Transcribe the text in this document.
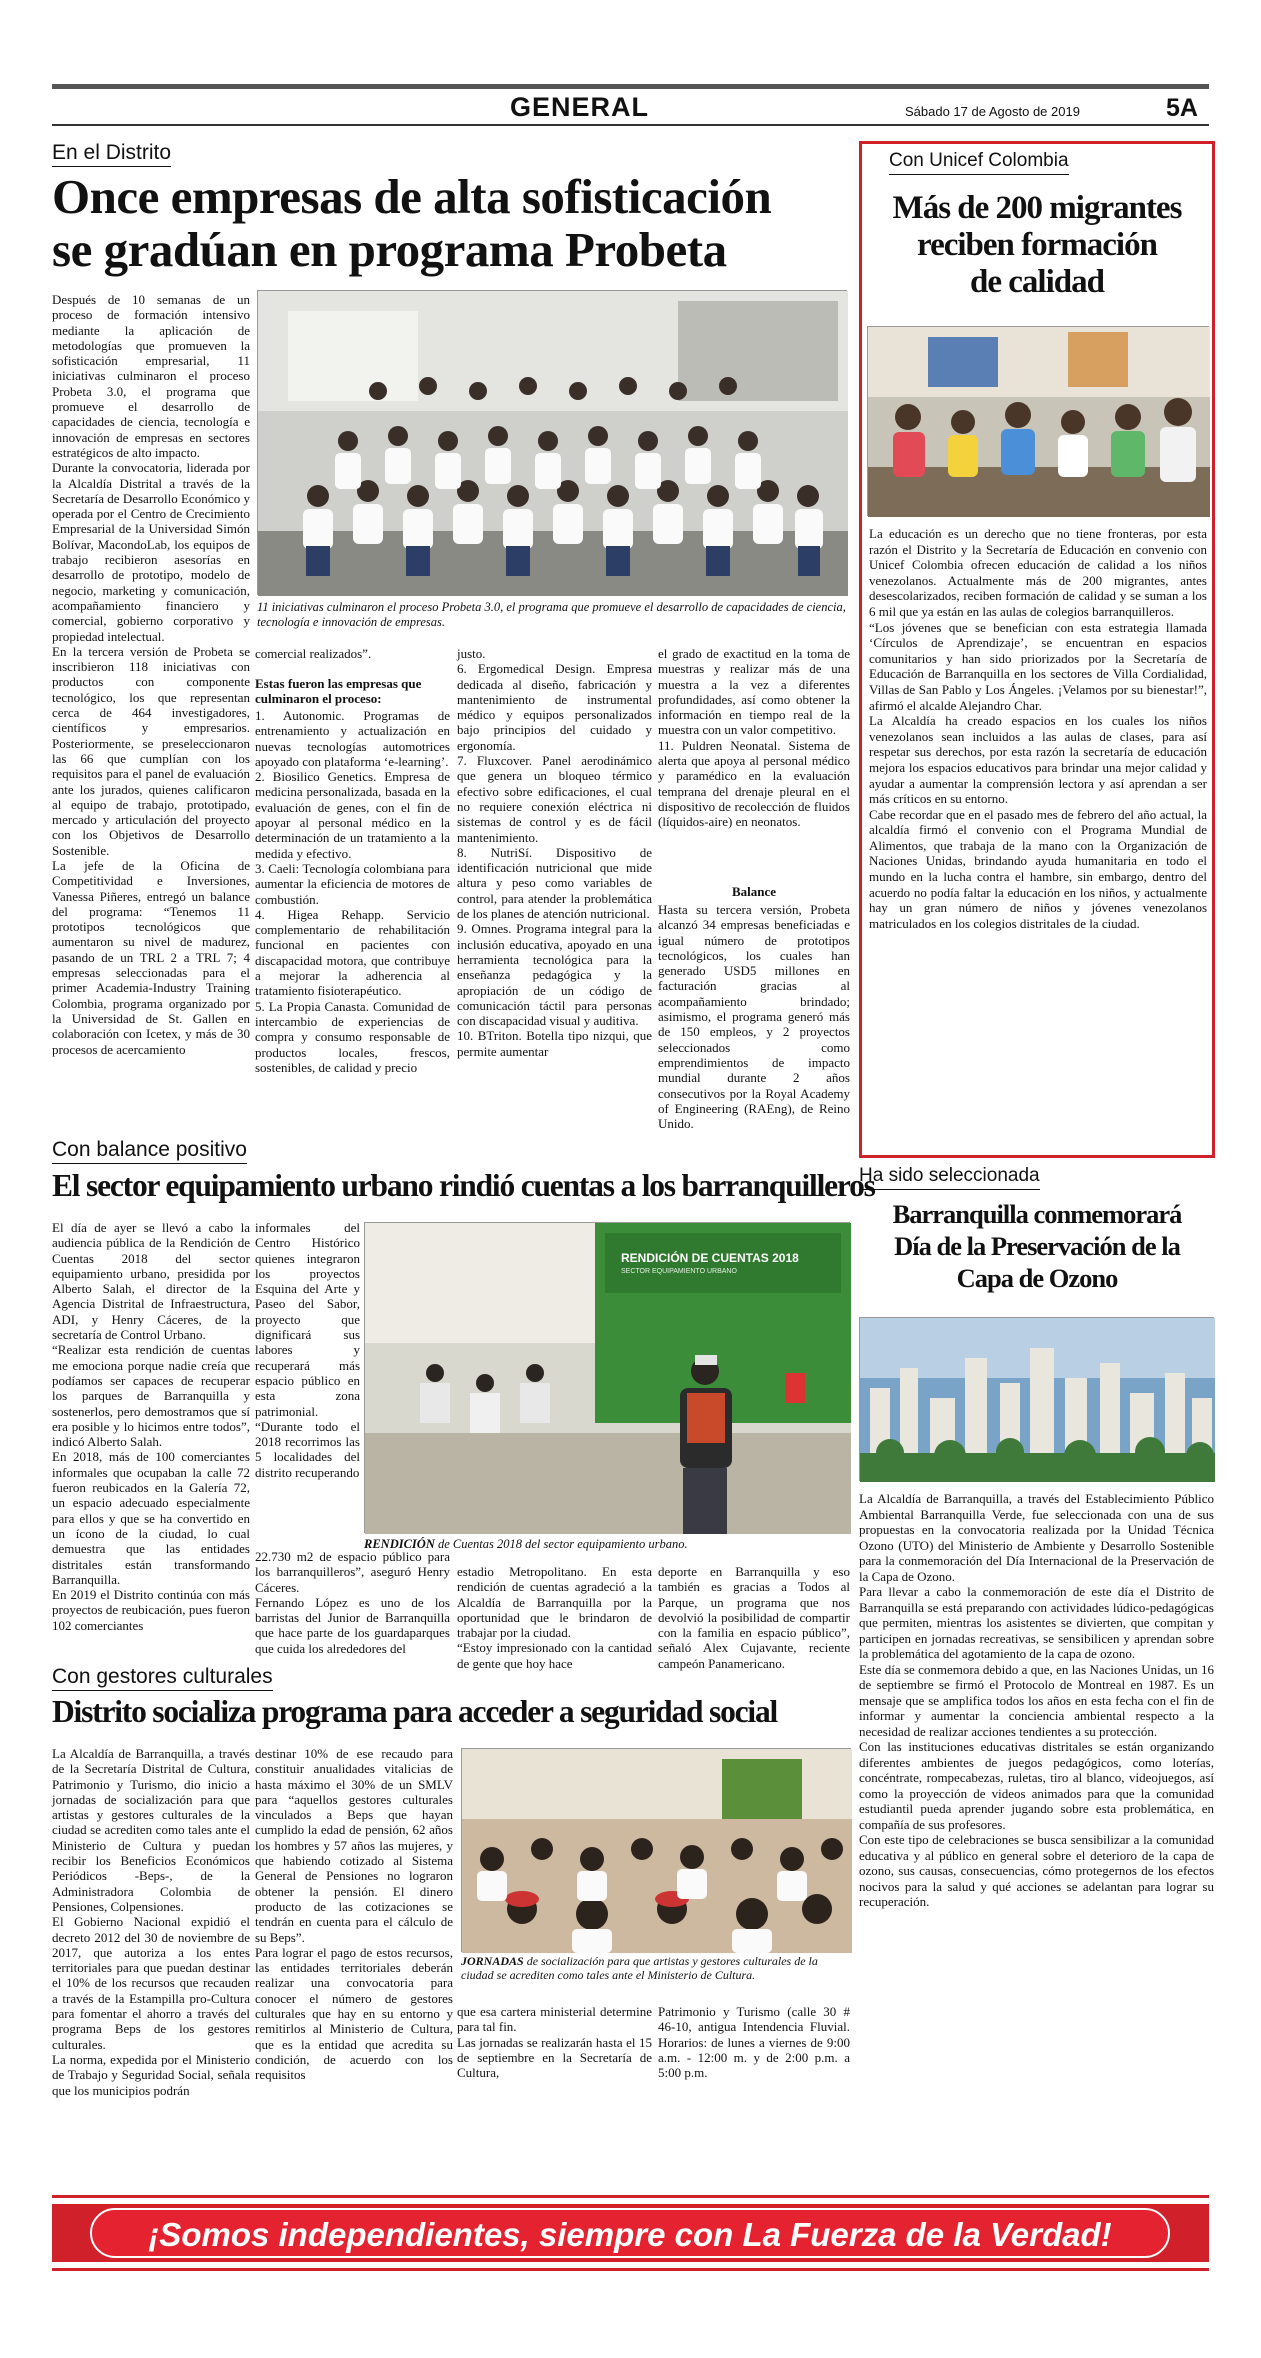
GENERAL	Sábado 17 de Agosto de 2019	5A
En el Distrito
Once empresas de alta sofisticación
se gradúan en programa Probeta
Después de 10 semanas de un proceso de formación intensivo mediante la aplicación de metodologías que promueven la sofisticación empresarial, 11 iniciativas culminaron el proceso Probeta 3.0, el programa que promueve el desarrollo de capacidades de ciencia, tecnología e innovación de empresas en sectores estratégicos de alto impacto.
Durante la convocatoria, liderada por la Alcaldía Distrital a través de la Secretaría de Desarrollo Económico y operada por el Centro de Crecimiento Empresarial de la Universidad Simón Bolívar, MacondoLab, los equipos de trabajo recibieron asesorías en desarrollo de prototipo, modelo de negocio, marketing y comunicación, acompañamiento financiero y comercial, gobierno corporativo y propiedad intelectual.
En la tercera versión de Probeta se inscribieron 118 iniciativas con productos con componente tecnológico, los que representan cerca de 464 investigadores, científicos y empresarios. Posteriormente, se preseleccionaron las 66 que cumplían con los requisitos para el panel de evaluación ante los jurados, quienes calificaron al equipo de trabajo, prototipado, mercado y articulación del proyecto con los Objetivos de Desarrollo Sostenible.
La jefe de la Oficina de Competitividad e Inversiones, Vanessa Piñeres, entregó un balance del programa: “Tenemos 11 prototipos tecnológicos que aumentaron su nivel de madurez, pasando de un TRL 2 a TRL 7; 4 empresas seleccionadas para el primer Academia-Industry Training Colombia, programa organizado por la Universidad de St. Gallen en colaboración con Icetex, y más de 30 procesos de acercamiento
11 iniciativas culminaron el proceso Probeta 3.0, el programa que promueve el desarrollo de capacidades de ciencia, tecnología e innovación de empresas.
comercial realizados”.
Estas fueron las empresas que culminaron el proceso:
1. Autonomic. Programas de entrenamiento y actualización en nuevas tecnologías automotrices apoyado con plataforma ‘e-learning’.
2. Biosilico Genetics. Empresa de medicina personalizada, basada en la evaluación de genes, con el fin de apoyar al personal médico en la determinación de un tratamiento a la medida y efectivo.
3. Caeli: Tecnología colombiana para aumentar la eficiencia de motores de combustión.
4. Higea Rehapp. Servicio complementario de rehabilitación funcional en pacientes con discapacidad motora, que contribuye a mejorar la adherencia al tratamiento fisioterapéutico.
5. La Propia Canasta. Comunidad de intercambio de experiencias de compra y consumo responsable de productos locales, frescos, sostenibles, de calidad y precio
justo.
6. Ergomedical Design. Empresa dedicada al diseño, fabricación y mantenimiento de instrumental médico y equipos personalizados bajo principios del cuidado y ergonomía.
7. Fluxcover. Panel aerodinámico que genera un bloqueo térmico efectivo sobre edificaciones, el cual no requiere conexión eléctrica ni sistemas de control y es de fácil mantenimiento.
8. NutriSí. Dispositivo de identificación nutricional que mide altura y peso como variables de control, para atender la problemática de los planes de atención nutricional.
9. Omnes. Programa integral para la inclusión educativa, apoyado en una herramienta tecnológica para la enseñanza pedagógica y la apropiación de un código de comunicación táctil para personas con discapacidad visual y auditiva.
10. BTriton. Botella tipo nizqui, que permite aumentar
el grado de exactitud en la toma de muestras y realizar más de una muestra a la vez a diferentes profundidades, así como obtener la información en tiempo real de la muestra con un valor competitivo.
11. Puldren Neonatal. Sistema de alerta que apoya al personal médico y paramédico en la evaluación temprana del drenaje pleural en el dispositivo de recolección de fluidos (líquidos-aire) en neonatos.
Balance
Hasta su tercera versión, Probeta alcanzó 34 empresas beneficiadas e igual número de prototipos tecnológicos, los cuales han generado USD5 millones en facturación gracias al acompañamiento brindado; asimismo, el programa generó más de 150 empleos, y 2 proyectos seleccionados como emprendimientos de impacto mundial durante 2 años consecutivos por la Royal Academy of Engineering (RAEng), de Reino Unido.
Con Unicef Colombia
Más de 200 migrantes
reciben formación
de calidad
La educación es un derecho que no tiene fronteras, por esta razón el Distrito y la Secretaría de Educación en convenio con Unicef Colombia ofrecen educación de calidad a los niños venezolanos. Actualmente más de 200 migrantes, antes desescolarizados, reciben formación de calidad y se suman a los 6 mil que ya están en las aulas de colegios barranquilleros.
“Los jóvenes que se benefician con esta estrategia llamada ‘Círculos de Aprendizaje’, se encuentran en espacios comunitarios y han sido priorizados por la Secretaría de Educación de Barranquilla en los sectores de Villa Cordialidad, Villas de San Pablo y Los Ángeles. ¡Velamos por su bienestar!”, afirmó el alcalde Alejandro Char.
La Alcaldía ha creado espacios en los cuales los niños venezolanos sean incluidos a las aulas de clases, para así respetar sus derechos, por esta razón la secretaría de educación mejora los espacios educativos para brindar una mejor calidad y ayudar a aumentar la comprensión lectora y así aprendan a ser más críticos en su entorno.
Cabe recordar que en el pasado mes de febrero del año actual, la alcaldía firmó el convenio con el Programa Mundial de Alimentos, que trabaja de la mano con la Organización de Naciones Unidas, brindando ayuda humanitaria en todo el mundo en la lucha contra el hambre, sin embargo, dentro del acuerdo no podía faltar la educación en los niños, y actualmente hay un gran número de niños y jóvenes venezolanos matriculados en los colegios distritales de la ciudad.
Con balance positivo
El sector equipamiento urbano rindió cuentas a los barranquilleros
El día de ayer se llevó a cabo la audiencia pública de la Rendición de Cuentas 2018 del sector equipamiento urbano, presidida por Alberto Salah, el director de la Agencia Distrital de Infraestructura, ADI, y Henry Cáceres, de la secretaría de Control Urbano.
“Realizar esta rendición de cuentas me emociona porque nadie creía que podíamos ser capaces de recuperar los parques de Barranquilla y sostenerlos, pero demostramos que sí era posible y lo hicimos entre todos”, indicó Alberto Salah.
En 2018, más de 100 comerciantes informales que ocupaban la calle 72 fueron reubicados en la Galería 72, un espacio adecuado especialmente para ellos y que se ha convertido en un ícono de la ciudad, lo cual demuestra que las entidades distritales están transformando Barranquilla.
En 2019 el Distrito continúa con más proyectos de reubicación, pues fueron 102 comerciantes
informales del Centro Histórico quienes integraron los proyectos Esquina del Arte y Paseo del Sabor, proyecto que dignificará sus labores y recuperará más espacio público en esta zona patrimonial.
“Durante todo el 2018 recorrimos las 5 localidades del distrito recuperando
22.730 m2 de espacio público para los barranquilleros”, aseguró Henry Cáceres.
Fernando López es uno de los barristas del Junior de Barranquilla que hace parte de los guardaparques que cuida los alrededores del
RENDICIÓN DE CUENTAS 2018
SECTOR EQUIPAMIENTO URBANO
RENDICIÓN de Cuentas 2018 del sector equipamiento urbano.
estadio Metropolitano. En esta rendición de cuentas agradeció a la Alcaldía de Barranquilla por la oportunidad que le brindaron de trabajar por la ciudad.
“Estoy impresionado con la cantidad de gente que hoy hace
deporte en Barranquilla y eso también es gracias a Todos al Parque, un programa que nos devolvió la posibilidad de compartir con la familia en espacio público”, señaló Alex Cujavante, reciente campeón Panamericano.
Ha sido seleccionada
Barranquilla conmemorará
Día de la Preservación de la
Capa de Ozono
La Alcaldía de Barranquilla, a través del Establecimiento Público Ambiental Barranquilla Verde, fue seleccionada con una de sus propuestas en la convocatoria realizada por la Unidad Técnica Ozono (UTO) del Ministerio de Ambiente y Desarrollo Sostenible para la conmemoración del Día Internacional de la Preservación de la Capa de Ozono.
Para llevar a cabo la conmemoración de este día el Distrito de Barranquilla se está preparando con actividades lúdico-pedagógicas que permiten, mientras los asistentes se divierten, que compitan y participen en jornadas recreativas, se sensibilicen y aprendan sobre la problemática del agotamiento de la capa de ozono.
Este día se conmemora debido a que, en las Naciones Unidas, un 16 de septiembre se firmó el Protocolo de Montreal en 1987. Es un mensaje que se amplifica todos los años en esta fecha con el fin de informar y aumentar la conciencia ambiental respecto a la necesidad de realizar acciones tendientes a su protección.
Con las instituciones educativas distritales se están organizando diferentes ambientes de juegos pedagógicos, como loterías, concéntrate, rompecabezas, ruletas, tiro al blanco, videojuegos, así como la proyección de videos animados para que la comunidad estudiantil pueda aprender jugando sobre esta problemática, en compañía de sus profesores.
Con este tipo de celebraciones se busca sensibilizar a la comunidad educativa y al público en general sobre el deterioro de la capa de ozono, sus causas, consecuencias, cómo protegernos de los efectos nocivos para la salud y qué acciones se adelantan para lograr su recuperación.
Con gestores culturales
Distrito socializa programa para acceder a seguridad social
La Alcaldía de Barranquilla, a través de la Secretaría Distrital de Cultura, Patrimonio y Turismo, dio inicio a jornadas de socialización para que artistas y gestores culturales de la ciudad se acrediten como tales ante el Ministerio de Cultura y puedan recibir los Beneficios Económicos Periódicos -Beps-, de la Administradora Colombia de Pensiones, Colpensiones.
El Gobierno Nacional expidió el decreto 2012 del 30 de noviembre de 2017, que autoriza a los entes territoriales para que puedan destinar el 10% de los recursos que recauden a través de la Estampilla pro-Cultura para fomentar el ahorro a través del programa Beps de los gestores culturales.
La norma, expedida por el Ministerio de Trabajo y Seguridad Social, señala que los municipios podrán
destinar 10% de ese recaudo para constituir anualidades vitalicias de hasta máximo el 30% de un SMLV para “aquellos gestores culturales vinculados a Beps que hayan cumplido la edad de pensión, 62 años los hombres y 57 años las mujeres, y que habiendo cotizado al Sistema General de Pensiones no lograron obtener la pensión. El dinero producto de las cotizaciones se tendrán en cuenta para el cálculo de su Beps”.
Para lograr el pago de estos recursos, las entidades territoriales deberán realizar una convocatoria para conocer el número de gestores culturales que hay en su entorno y remitirlos al Ministerio de Cultura, que es la entidad que acredita su condición, de acuerdo con los requisitos
JORNADAS de socialización para que artistas y gestores culturales de la ciudad se acrediten como tales ante el Ministerio de Cultura.
que esa cartera ministerial determine para tal fin.
Las jornadas se realizarán hasta el 15 de septiembre en la Secretaría de Cultura,
Patrimonio y Turismo (calle 30 # 46-10, antigua Intendencia Fluvial. Horarios: de lunes a viernes de 9:00 a.m. - 12:00 m. y de 2:00 p.m. a 5:00 p.m.
¡Somos independientes, siempre con La Fuerza de la Verdad!
